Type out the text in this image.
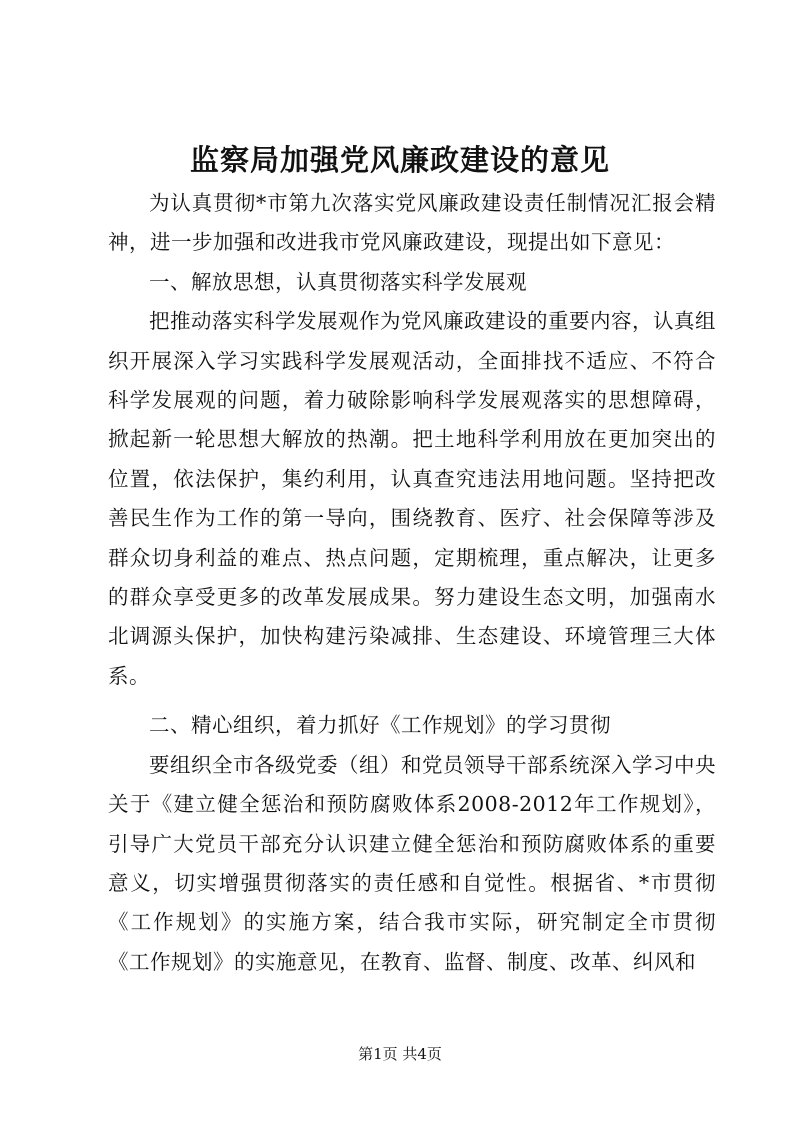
监察局加强党风廉政建设的意见

为认真贯彻*市第九次落实党风廉政建设责任制情况汇报会精神，进一步加强和改进我市党风廉政建设，现提出如下意见：

一、解放思想，认真贯彻落实科学发展观

把推动落实科学发展观作为党风廉政建设的重要内容，认真组织开展深入学习实践科学发展观活动，全面排找不适应、不符合科学发展观的问题，着力破除影响科学发展观落实的思想障碍，掀起新一轮思想大解放的热潮。把土地科学利用放在更加突出的位置，依法保护，集约利用，认真查究违法用地问题。坚持把改善民生作为工作的第一导向，围绕教育、医疗、社会保障等涉及群众切身利益的难点、热点问题，定期梳理，重点解决，让更多的群众享受更多的改革发展成果。努力建设生态文明，加强南水北调源头保护，加快构建污染减排、生态建设、环境管理三大体系。

二、精心组织，着力抓好《工作规划》的学习贯彻

要组织全市各级党委（组）和党员领导干部系统深入学习中央关于《建立健全惩治和预防腐败体系2008-2012年工作规划》，引导广大党员干部充分认识建立健全惩治和预防腐败体系的重要意义，切实增强贯彻落实的责任感和自觉性。根据省、*市贯彻《工作规划》的实施方案，结合我市实际，研究制定全市贯彻《工作规划》的实施意见，在教育、监督、制度、改革、纠风和

第1页 共4页
